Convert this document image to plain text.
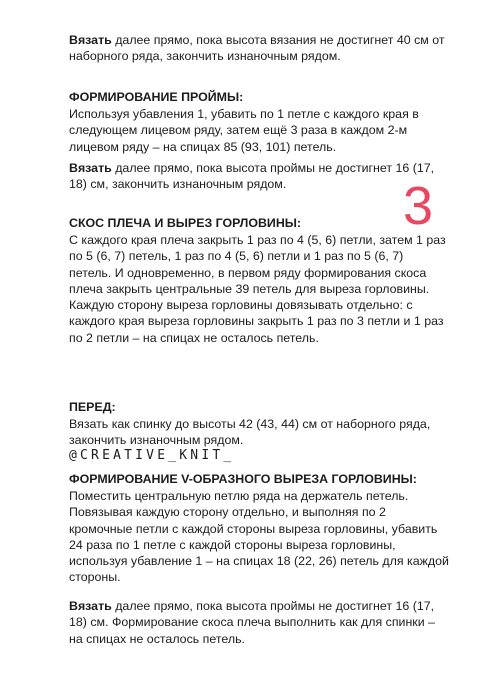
Вязать далее прямо, пока высота вязания не достигнет 40 см от наборного ряда, закончить изнаночным рядом.

ФОРМИРОВАНИЕ ПРОЙМЫ:

Используя убавления 1, убавить по 1 петле с каждого края в следующем лицевом ряду, затем ещё 3 раза в каждом 2-м лицевом ряду – на спицах 85 (93, 101) петель.

Вязать далее прямо, пока высота проймы не достигнет 16 (17, 18) см, закончить изнаночным рядом.	3

СКОС ПЛЕЧА И ВЫРЕЗ ГОРЛОВИНЫ:

С каждого края плеча закрыть 1 раз по 4 (5, 6) петли, затем 1 раз по 5 (6, 7) петель, 1 раз по 4 (5, 6) петли и 1 раз по 5 (6, 7) петель. И одновременно, в первом ряду формирования скоса плеча закрыть центральные 39 петель для выреза горловины. Каждую сторону выреза горловины довязывать отдельно: с каждого края выреза горловины закрыть 1 раз по 3 петли и 1 раз по 2 петли – на спицах не осталось петель.

ПЕРЕД:

Вязать как спинку до высоты 42 (43, 44) см от наборного ряда, закончить изнаночным рядом.

@CREATIVE_KNIT_

ФОРМИРОВАНИЕ V-ОБРАЗНОГО ВЫРЕЗА ГОРЛОВИНЫ:

Поместить центральную петлю ряда на держатель петель. Повязывая каждую сторону отдельно, и выполняя по 2 кромочные петли с каждой стороны выреза горловины, убавить 24 раза по 1 петле с каждой стороны выреза горловины, используя убавление 1 – на спицах 18 (22, 26) петель для каждой стороны.

Вязать далее прямо, пока высота проймы не достигнет 16 (17, 18) см. Формирование скоса плеча выполнить как для спинки – на спицах не осталось петель.
